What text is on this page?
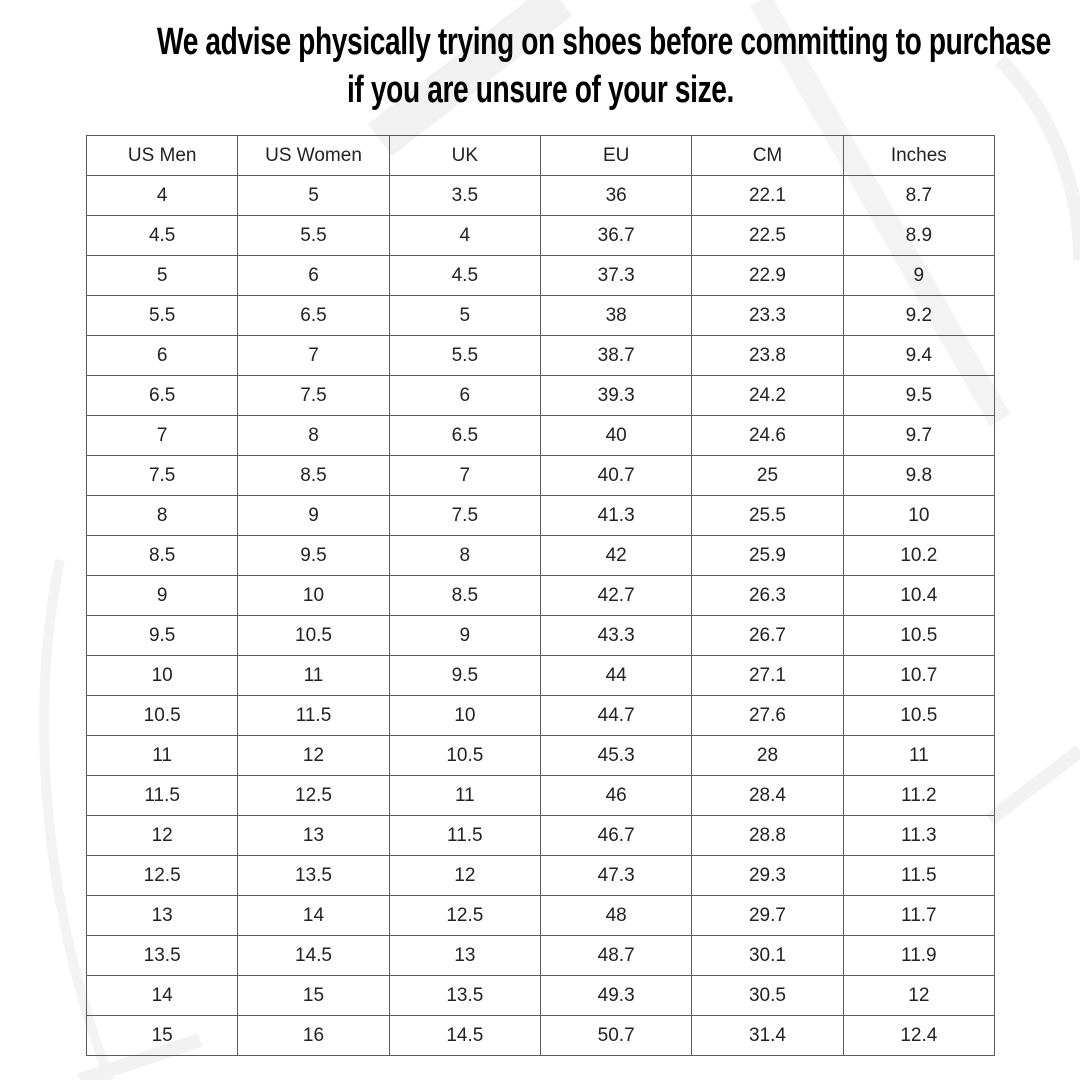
We advise physically trying on shoes before committing to purchase
if you are unsure of your size.
US Men	US Women	UK	EU	CM	Inches
4	5	3.5	36	22.1	8.7
4.5	5.5	4	36.7	22.5	8.9
5	6	4.5	37.3	22.9	9
5.5	6.5	5	38	23.3	9.2
6	7	5.5	38.7	23.8	9.4
6.5	7.5	6	39.3	24.2	9.5
7	8	6.5	40	24.6	9.7
7.5	8.5	7	40.7	25	9.8
8	9	7.5	41.3	25.5	10
8.5	9.5	8	42	25.9	10.2
9	10	8.5	42.7	26.3	10.4
9.5	10.5	9	43.3	26.7	10.5
10	11	9.5	44	27.1	10.7
10.5	11.5	10	44.7	27.6	10.5
11	12	10.5	45.3	28	11
11.5	12.5	11	46	28.4	11.2
12	13	11.5	46.7	28.8	11.3
12.5	13.5	12	47.3	29.3	11.5
13	14	12.5	48	29.7	11.7
13.5	14.5	13	48.7	30.1	11.9
14	15	13.5	49.3	30.5	12
15	16	14.5	50.7	31.4	12.4
